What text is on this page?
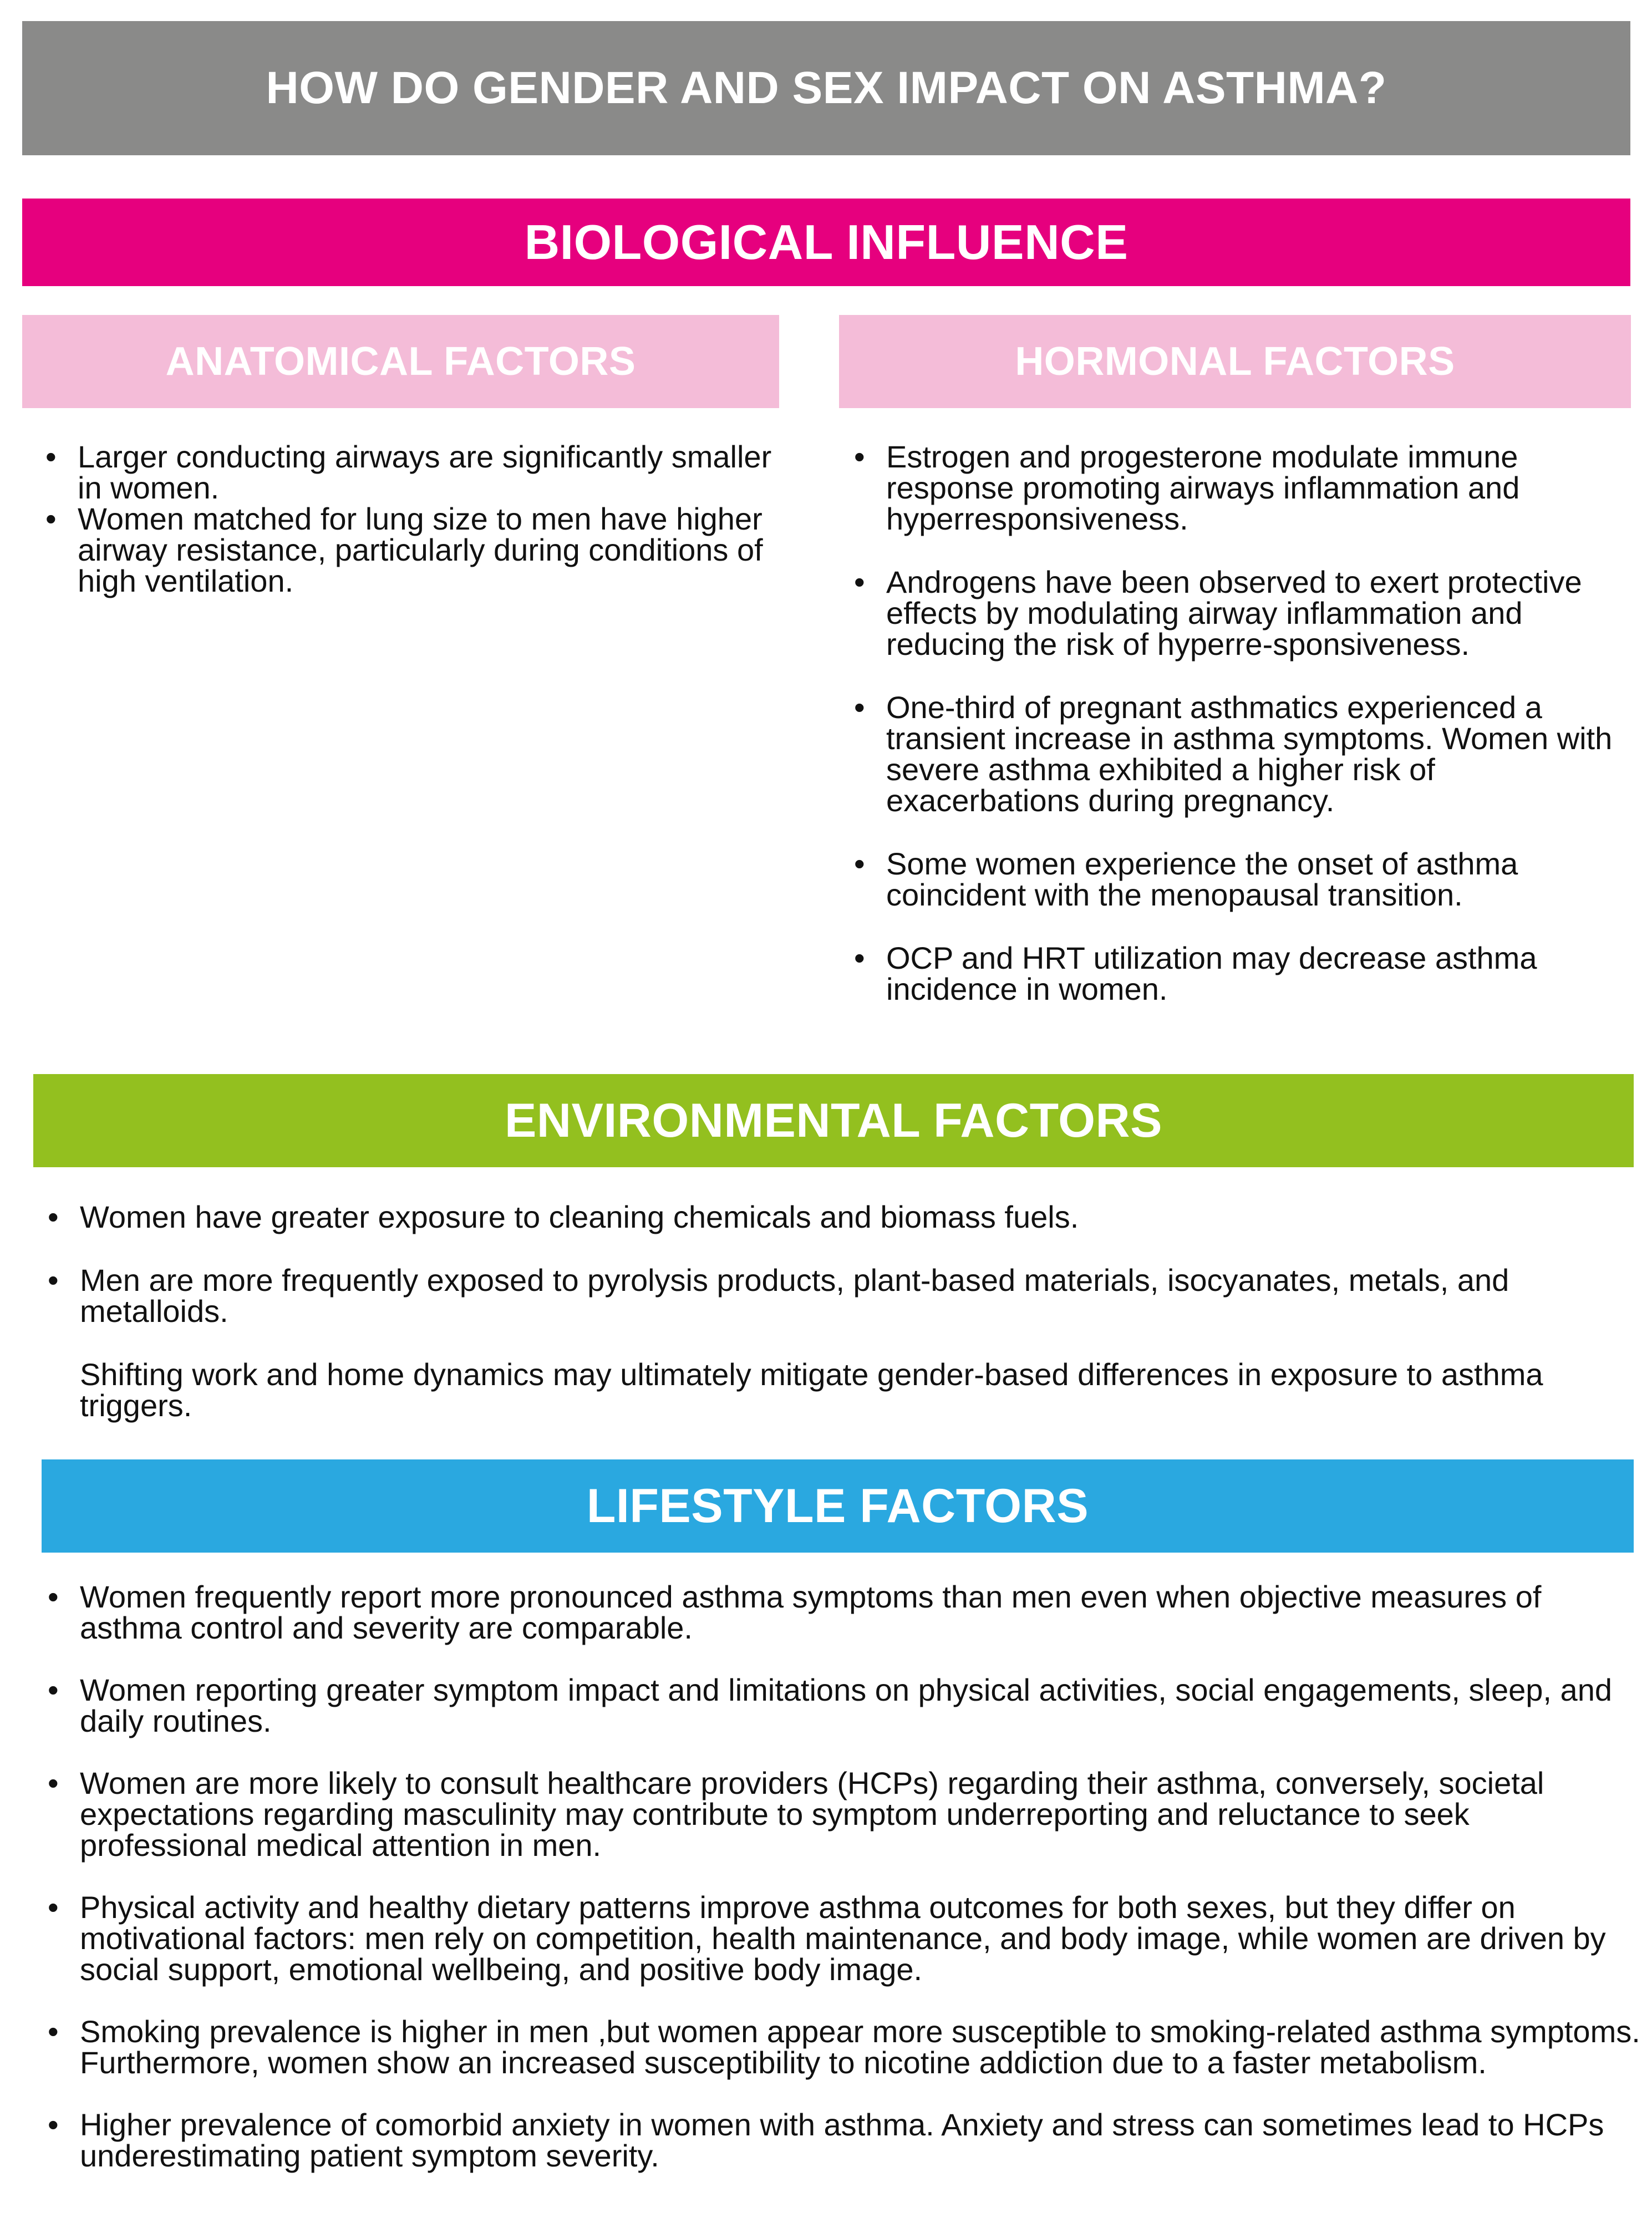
HOW DO GENDER AND SEX IMPACT ON ASTHMA?
BIOLOGICAL INFLUENCE
ANATOMICAL FACTORS	HORMONAL FACTORS
• Larger conducting airways are significantly smaller in women.
• Women matched for lung size to men have higher airway resistance, particularly during conditions of high ventilation.
• Estrogen and progesterone modulate immune response promoting airways inflammation and hyperresponsiveness.
• Androgens have been observed to exert protective effects by modulating airway inflammation and reducing the risk of hyperre-sponsiveness.
• One-third of pregnant asthmatics experienced a transient increase in asthma symptoms. Women with severe asthma exhibited a higher risk of exacerbations during pregnancy.
• Some women experience the onset of asthma coincident with the menopausal transition.
• OCP and HRT utilization may decrease asthma incidence in women.
ENVIRONMENTAL FACTORS
• Women have greater exposure to cleaning chemicals and biomass fuels.
• Men are more frequently exposed to pyrolysis products, plant-based materials, isocyanates, metals, and metalloids.
Shifting work and home dynamics may ultimately mitigate gender-based differences in exposure to asthma triggers.
LIFESTYLE FACTORS
• Women frequently report more pronounced asthma symptoms than men even when objective measures of asthma control and severity are comparable.
• Women reporting greater symptom impact and limitations on physical activities, social engagements, sleep, and daily routines.
• Women are more likely to consult healthcare providers (HCPs) regarding their asthma, conversely, societal expectations regarding masculinity may contribute to symptom underreporting and reluctance to seek professional medical attention in men.
• Physical activity and healthy dietary patterns improve asthma outcomes for both sexes, but they differ on motivational factors: men rely on competition, health maintenance, and body image, while women are driven by social support, emotional wellbeing, and positive body image.
• Smoking prevalence is higher in men ,but women appear more susceptible to smoking-related asthma symptoms. Furthermore, women show an increased susceptibility to nicotine addiction due to a faster metabolism.
• Higher prevalence of comorbid anxiety in women with asthma. Anxiety and stress can sometimes lead to HCPs underestimating patient symptom severity.
